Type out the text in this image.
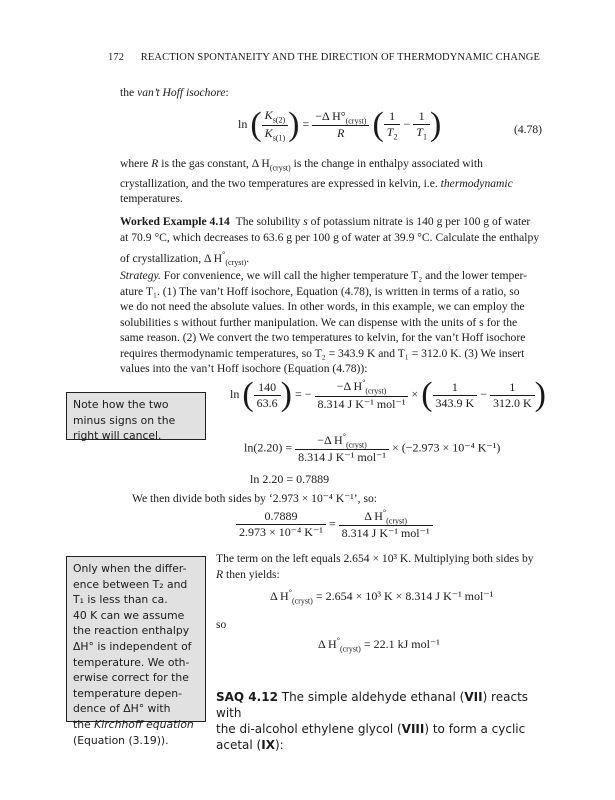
172 REACTION SPONTANEITY AND THE DIRECTION OF THERMODYNAMIC CHANGE
the van’t Hoff isochore:
ln ( $\frac{K_{s(2)}}{K_{s(1)}}$ ) = $\frac{-\Delta H^\circ_{(cryst)}}{R}$ ( $\frac{1}{T_2} - \frac{1}{T_1}$ )	(4.78)
where R is the gas constant, Δ $H_{(cryst)}$ is the change in enthalpy associated with
crystallization, and the two temperatures are expressed in kelvin, i.e. thermodynamic
temperatures.
Worked Example 4.14 The solubility s of potassium nitrate is 140 g per 100 g of water
at 70.9 °C, which decreases to 63.6 g per 100 g of water at 39.9 °C. Calculate the enthalpy
of crystallization, Δ $H^\circ_{(cryst)}$.
Strategy. For convenience, we will call the higher temperature T₂ and the lower temper-
ature T₁. (1) The van’t Hoff isochore, Equation (4.78), is written in terms of a ratio, so
we do not need the absolute values. In other words, in this example, we can employ the
solubilities s without further manipulation. We can dispense with the units of s for the
same reason. (2) We convert the two temperatures to kelvin, for the van’t Hoff isochore
requires thermodynamic temperatures, so T₂ = 343.9 K and T₁ = 312.0 K. (3) We insert
values into the van’t Hoff isochore (Equation (4.78)):
Note how the two minus signs on the right will cancel.
ln ( $\frac{140}{63.6}$ ) = − $\frac{-\Delta H^\circ_{(cryst)}}{\text{8.314 J K⁻¹ mol⁻¹}}$ × ( $\frac{1}{343.9 K} - \frac{1}{312.0 K}$ )
$\ln(2.20) = \frac{-\Delta H^\circ_{(cryst)}}{\text{8.314 J K⁻¹ mol⁻¹}} \times (-2.973 \times 10^{-4}$ K⁻¹)
ln 2.20 = 0.7889
We then divide both sides by ‘2.973 × 10⁻⁴ K⁻¹’, so:
$\frac{0.7889}{\text{2.973 × 10⁻⁴ K⁻¹}} = \frac{\Delta H^\circ_{(cryst)}}{\text{8.314 J K⁻¹ mol⁻¹}}$
Only when the differ-
ence between T₂ and
T₁ is less than ca.
40 K can we assume
the reaction enthalpy
ΔH° is independent of
temperature. We oth-
erwise correct for the
temperature depen-
dence of ΔH° with
the Kirchhoff equation
(Equation (3.19)).
The term on the left equals 2.654 × 10³ K. Multiplying both sides by
R then yields:
Δ $H^\circ_{(cryst)} = 2.654 \times 10^3$ K × 8.314 J K⁻¹ mol⁻¹
so
Δ $H^\circ_{(cryst)} = 22.1$ kJ mol⁻¹
SAQ 4.12 The simple aldehyde ethanal (VII) reacts with
the di-alcohol ethylene glycol (VIII) to form a cyclic
acetal (IX):
